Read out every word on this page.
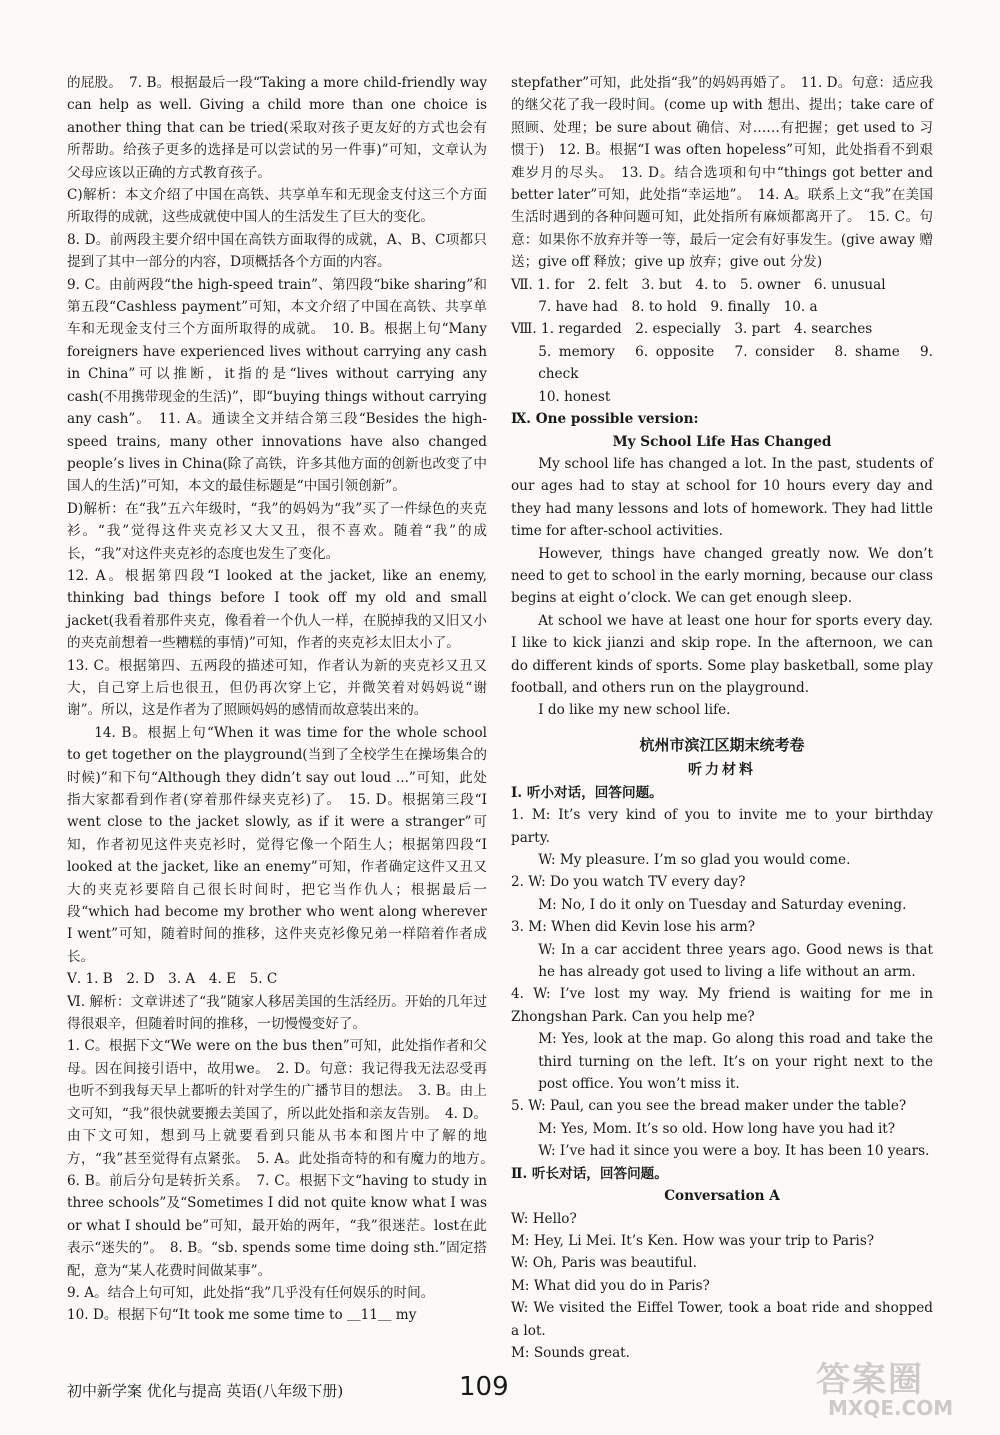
的屁股。　7. B。根据最后一段“Taking a more child-friendly way can help as well. Giving a child more than one choice is another thing that can be tried(采取对孩子更友好的方式也会有所帮助。给孩子更多的选择是可以尝试的另一件事)”可知，文章认为父母应该以正确的方式教育孩子。

C)解析：本文介绍了中国在高铁、共享单车和无现金支付这三个方面所取得的成就，这些成就使中国人的生活发生了巨大的变化。

8. D。前两段主要介绍中国在高铁方面取得的成就，A、B、C项都只提到了其中一部分的内容，D项概括各个方面的内容。

9. C。由前两段“the high-speed train”、第四段“bike sharing”和第五段“Cashless payment”可知，本文介绍了中国在高铁、共享单车和无现金支付三个方面所取得的成就。　10. B。根据上句“Many foreigners have experienced lives without carrying any cash in China”可以推断，it指的是“lives without carrying any cash(不用携带现金的生活)”，即“buying things without carrying any cash”。　11. A。通读全文并结合第三段“Besides the high-speed trains, many other innovations have also changed people’s lives in China(除了高铁，许多其他方面的创新也改变了中国人的生活)”可知，本文的最佳标题是“中国引领创新”。

D)解析：在“我”五六年级时，“我”的妈妈为“我”买了一件绿色的夹克衫。“我”觉得这件夹克衫又大又丑，很不喜欢。随着“我”的成长，“我”对这件夹克衫的态度也发生了变化。

12. A。根据第四段“I looked at the jacket, like an enemy, thinking bad things before I took off my old and small jacket(我看着那件夹克，像看着一个仇人一样，在脱掉我的又旧又小的夹克前想着一些糟糕的事情)”可知，作者的夹克衫太旧太小了。

13. C。根据第四、五两段的描述可知，作者认为新的夹克衫又丑又大，自己穿上后也很丑，但仍再次穿上它，并微笑着对妈妈说“谢谢”。所以，这是作者为了照顾妈妈的感情而故意装出来的。

14. B。根据上句“When it was time for the whole school to get together on the playground(当到了全校学生在操场集合的时候)”和下句“Although they didn’t say out loud ...”可知，此处指大家都看到作者(穿着那件绿夹克衫)了。　15. D。根据第三段“I went close to the jacket slowly, as if it were a stranger”可知，作者初见这件夹克衫时，觉得它像一个陌生人；根据第四段“I looked at the jacket, like an enemy”可知，作者确定这件又丑又大的夹克衫要陪自己很长时间时，把它当作仇人；根据最后一段“which had become my brother who went along wherever I went”可知，随着时间的推移，这件夹克衫像兄弟一样陪着作者成长。

Ⅴ. 1. B　2. D　3. A　4. E　5. C

Ⅵ. 解析：文章讲述了“我”随家人移居美国的生活经历。开始的几年过得很艰辛，但随着时间的推移，一切慢慢变好了。

1. C。根据下文“We were on the bus then”可知，此处指作者和父母。因在间接引语中，故用we。　2. D。句意：我记得我无法忍受再也听不到我每天早上都听的针对学生的广播节目的想法。　3. B。由上文可知，“我”很快就要搬去美国了，所以此处指和亲友告别。　4. D。由下文可知，想到马上就要看到只能从书本和图片中了解的地方，“我”甚至觉得有点紧张。　5. A。此处指奇特的和有魔力的地方。　6. B。前后分句是转折关系。　7. C。根据下文“having to study in three schools”及“Sometimes I did not quite know what I was or what I should be”可知，最开始的两年，“我”很迷茫。lost在此表示“迷失的”。　8. B。“sb. spends some time doing sth.”固定搭配，意为“某人花费时间做某事”。

9. A。结合上句可知，此处指“我”几乎没有任何娱乐的时间。

10. D。根据下句“It took me some time to ＿11＿ my

stepfather”可知，此处指“我”的妈妈再婚了。　11. D。句意：适应我的继父花了我一段时间。(come up with 想出、提出；take care of 照顾、处理；be sure about 确信、对……有把握；get used to 习惯于)　12. B。根据“I was often hopeless”可知，此处指看不到艰难岁月的尽头。　13. D。结合选项和句中“things got better and better later”可知，此处指“幸运地”。　14. A。联系上文“我”在美国生活时遇到的各种问题可知，此处指所有麻烦都离开了。　15. C。句意：如果你不放弃并等一等，最后一定会有好事发生。(give away 赠送；give off 释放；give up 放弃；give out 分发)

Ⅶ. 1. for　2. felt　3. but　4. to　5. owner　6. unusual

7. have had　8. to hold　9. finally　10. a

Ⅷ. 1. regarded　2. especially　3. part　4. searches

5. memory　6. opposite　7. consider　8. shame　9. check

10. honest

Ⅸ. One possible version:

My School Life Has Changed

My school life has changed a lot. In the past, students of our ages had to stay at school for 10 hours every day and they had many lessons and lots of homework. They had little time for after-school activities.

However, things have changed greatly now. We don’t need to get to school in the early morning, because our class begins at eight o’clock. We can get enough sleep.

At school we have at least one hour for sports every day. I like to kick jianzi and skip rope. In the afternoon, we can do different kinds of sports. Some play basketball, some play football, and others run on the playground.

I do like my new school life.

杭州市滨江区期末统考卷

听力材料

Ⅰ. 听小对话，回答问题。

1. M: It’s very kind of you to invite me to your birthday party.

W: My pleasure. I’m so glad you would come.

2. W: Do you watch TV every day?

M: No, I do it only on Tuesday and Saturday evening.

3. M: When did Kevin lose his arm?

W: In a car accident three years ago. Good news is that he has already got used to living a life without an arm.

4. W: I’ve lost my way. My friend is waiting for me in Zhongshan Park. Can you help me?

M: Yes, look at the map. Go along this road and take the third turning on the left. It’s on your right next to the post office. You won’t miss it.

5. W: Paul, can you see the bread maker under the table?

M: Yes, Mom. It’s so old. How long have you had it?

W: I’ve had it since you were a boy. It has been 10 years.

Ⅱ. 听长对话，回答问题。

Conversation A

W: Hello?

M: Hey, Li Mei. It’s Ken. How was your trip to Paris?

W: Oh, Paris was beautiful.

M: What did you do in Paris?

W: We visited the Eiffel Tower, took a boat ride and shopped a lot.

M: Sounds great.

初中新学案 优化与提高 英语(八年级下册)	109	答案圈
MXQE.COM
